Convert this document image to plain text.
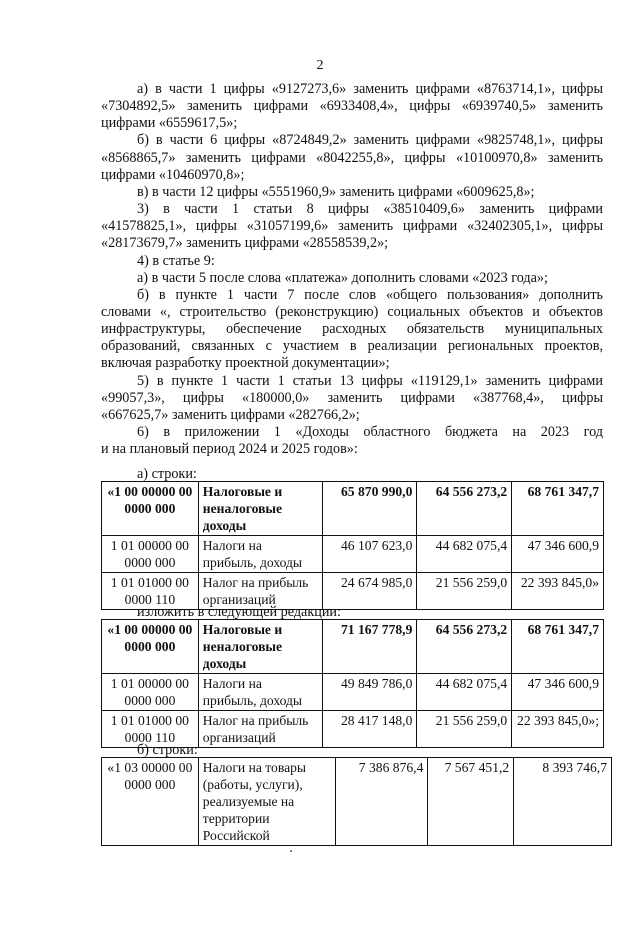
2
а) в части 1 цифры «9127273,6» заменить цифрами «8763714,1», цифры
«7304892,5» заменить цифрами «6933408,4», цифры «6939740,5» заменить
цифрами «6559617,5»;
б) в части 6 цифры «8724849,2» заменить цифрами «9825748,1», цифры
«8568865,7» заменить цифрами «8042255,8», цифры «10100970,8» заменить
цифрами «10460970,8»;
в) в части 12 цифры «5551960,9» заменить цифрами «6009625,8»;
3) в части 1 статьи 8 цифры «38510409,6» заменить цифрами
«41578825,1», цифры «31057199,6» заменить цифрами «32402305,1», цифры
«28173679,7» заменить цифрами «28558539,2»;
4) в статье 9:
а) в части 5 после слова «платежа» дополнить словами «2023 года»;
б) в пункте 1 части 7 после слов «общего пользования» дополнить
словами «, строительство (реконструкцию) социальных объектов и объектов
инфраструктуры, обеспечение расходных обязательств муниципальных
образований, связанных с участием в реализации региональных проектов,
включая разработку проектной документации»;
5) в пункте 1 части 1 статьи 13 цифры «119129,1» заменить цифрами
«99057,3», цифры «180000,0» заменить цифрами «387768,4», цифры
«667625,7» заменить цифрами «282766,2»;
6) в приложении 1 «Доходы областного бюджета на 2023 год
и на плановый период 2024 и 2025 годов»:
а) строки:
«1 00 00000 00 0000 000	Налоговые и неналоговые доходы	65 870 990,0	64 556 273,2	68 761 347,7
1 01 00000 00 0000 000	Налоги на прибыль, доходы	46 107 623,0	44 682 075,4	47 346 600,9
1 01 01000 00 0000 110	Налог на прибыль организаций	24 674 985,0	21 556 259,0	22 393 845,0»
изложить в следующей редакции:
«1 00 00000 00 0000 000	Налоговые и неналоговые доходы	71 167 778,9	64 556 273,2	68 761 347,7
1 01 00000 00 0000 000	Налоги на прибыль, доходы	49 849 786,0	44 682 075,4	47 346 600,9
1 01 01000 00 0000 110	Налог на прибыль организаций	28 417 148,0	21 556 259,0	22 393 845,0»;
б) строки:
«1 03 00000 00 0000 000	Налоги на товары (работы, услуги), реализуемые на территории Российской	7 386 876,4	7 567 451,2	8 393 746,7
